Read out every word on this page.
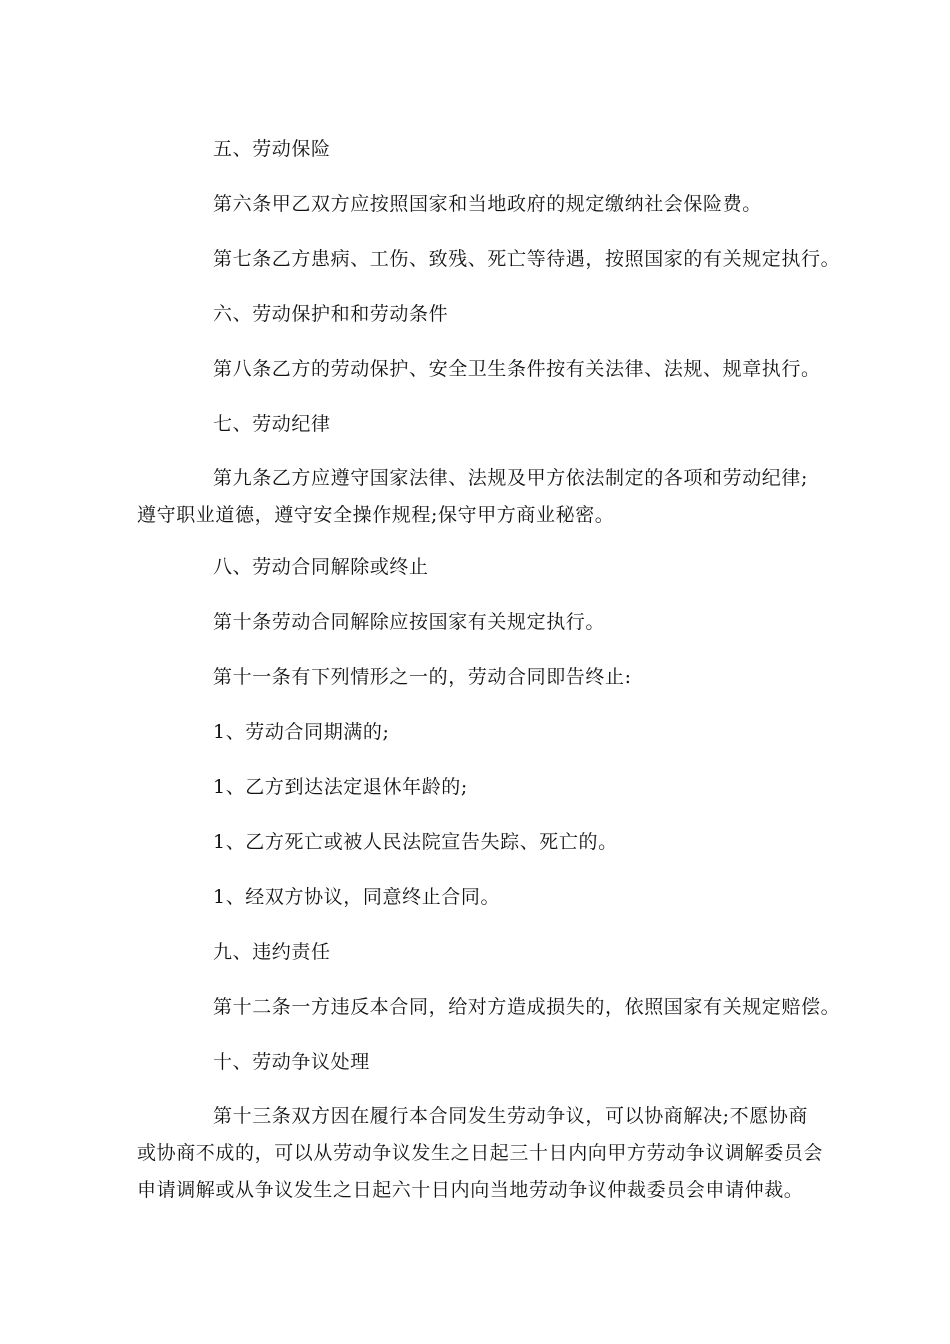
五、劳动保险
第六条甲乙双方应按照国家和当地政府的规定缴纳社会保险费。
第七条乙方患病、工伤、致残、死亡等待遇，按照国家的有关规定执行。
六、劳动保护和和劳动条件
第八条乙方的劳动保护、安全卫生条件按有关法律、法规、规章执行。
七、劳动纪律

第九条乙方应遵守国家法律、法规及甲方依法制定的各项和劳动纪律;遵守职业道德，遵守安全操作规程;保守甲方商业秘密。

八、劳动合同解除或终止
第十条劳动合同解除应按国家有关规定执行。
第十一条有下列情形之一的，劳动合同即告终止:
1、劳动合同期满的;
1、乙方到达法定退休年龄的;
1、乙方死亡或被人民法院宣告失踪、死亡的。
1、经双方协议，同意终止合同。
九、违约责任
第十二条一方违反本合同，给对方造成损失的，依照国家有关规定赔偿。
十、劳动争议处理

第十三条双方因在履行本合同发生劳动争议，可以协商解决;不愿协商或协商不成的，可以从劳动争议发生之日起三十日内向甲方劳动争议调解委员会申请调解或从争议发生之日起六十日内向当地劳动争议仲裁委员会申请仲裁。
